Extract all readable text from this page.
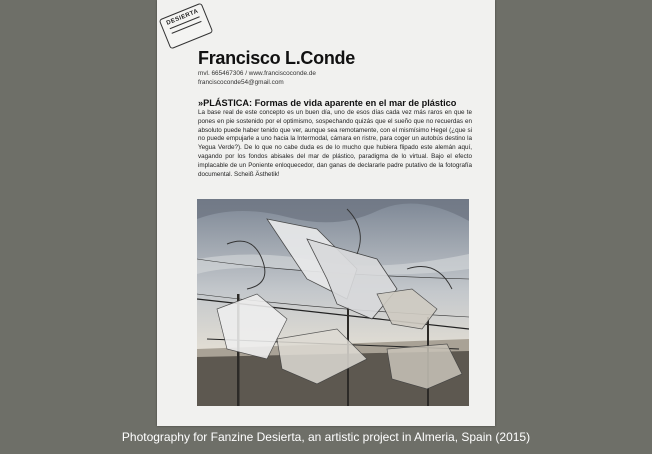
DESIERTA
Francisco L.Conde
mvl. 665467306 / www.franciscoconde.de
franciscoconde54@gmail.com
»PLÁSTICA: Formas de vida aparente en el mar de plástico
La base real de este concepto es un buen día, uno de esos días cada vez más raros en que te pones en pie sostenido por el optimismo, sospechando quizás que el sueño que no recuerdas en absoluto puede haber tenido que ver, aunque sea remotamente, con el mismísimo Hegel (¿que si no puede empujarle a uno hacia la Intermodal, cámara en ristre, para coger un autobús destino la Yegua Verde?). De lo que no cabe duda es de lo mucho que hubiera flipado este alemán aquí, vagando por los fondos abisales del mar de plástico, paradigma de lo virtual. Bajo el efecto implacable de un Poniente enloquecedor, dan ganas de declararle padre putativo de la fotografía documental. Scheiß Ästhetik!
Photography for Fanzine Desierta, an artistic project in Almeria, Spain (2015)
